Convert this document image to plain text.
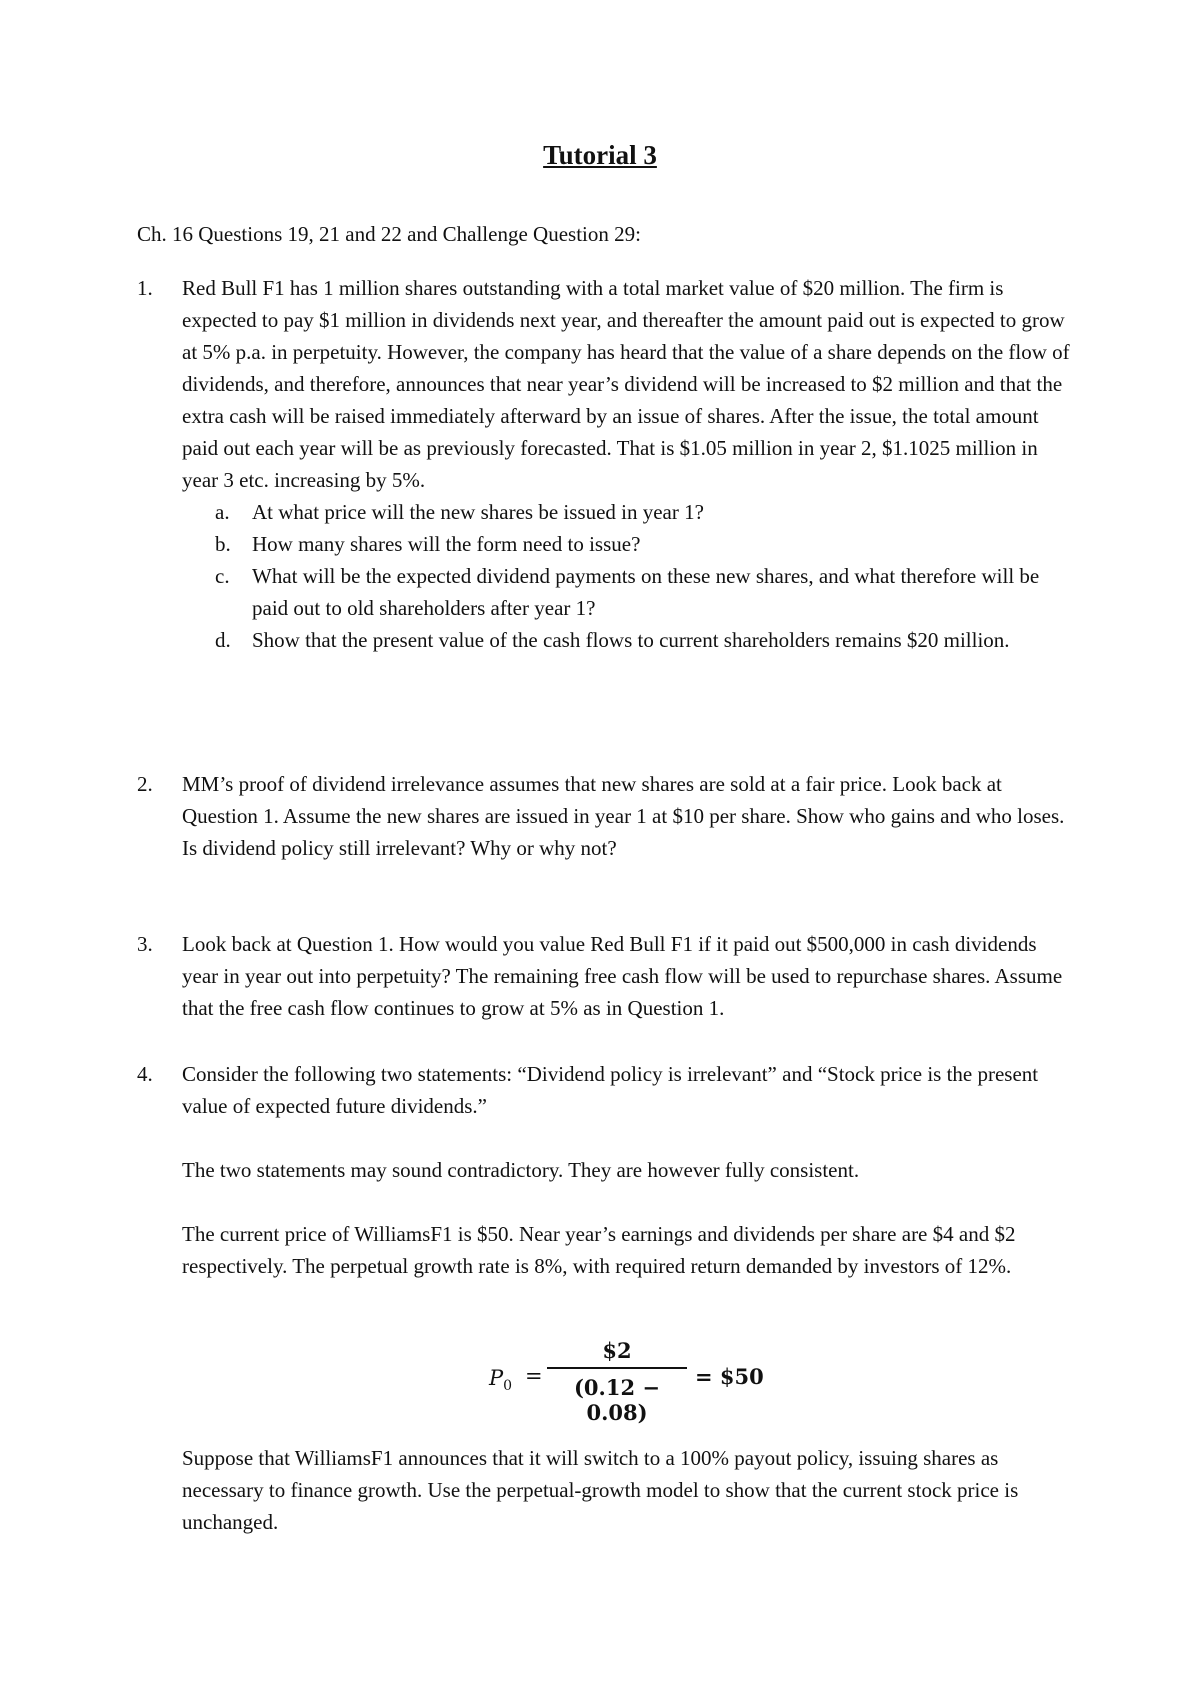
Tutorial 3
Ch. 16 Questions 19, 21 and 22 and Challenge Question 29:
1. Red Bull F1 has 1 million shares outstanding with a total market value of $20 million. The firm is expected to pay $1 million in dividends next year, and thereafter the amount paid out is expected to grow at 5% p.a. in perpetuity. However, the company has heard that the value of a share depends on the flow of dividends, and therefore, announces that near year’s dividend will be increased to $2 million and that the extra cash will be raised immediately afterward by an issue of shares. After the issue, the total amount paid out each year will be as previously forecasted. That is $1.05 million in year 2, $1.1025 million in year 3 etc. increasing by 5%.

a. At what price will the new shares be issued in year 1?
b. How many shares will the form need to issue?
c. What will be the expected dividend payments on these new shares, and what therefore will be paid out to old shareholders after year 1?
d. Show that the present value of the cash flows to current shareholders remains $20 million.
2. MM’s proof of dividend irrelevance assumes that new shares are sold at a fair price. Look back at Question 1. Assume the new shares are issued in year 1 at $10 per share. Show who gains and who loses. Is dividend policy still irrelevant? Why or why not?

3. Look back at Question 1. How would you value Red Bull F1 if it paid out $500,000 in cash dividends year in year out into perpetuity? The remaining free cash flow will be used to repurchase shares. Assume that the free cash flow continues to grow at 5% as in Question 1.

4. Consider the following two statements: “Dividend policy is irrelevant” and “Stock price is the present value of expected future dividends.”

The two statements may sound contradictory. They are however fully consistent.

The current price of WilliamsF1 is $50. Near year’s earnings and dividends per share are $4 and $2 respectively. The perpetual growth rate is 8%, with required return demanded by investors of 12%.

$P_0$ =
$2
(0.12 − 0.08)
= $50

Suppose that WilliamsF1 announces that it will switch to a 100% payout policy, issuing shares as necessary to finance growth. Use the perpetual-growth model to show that the current stock price is unchanged.
